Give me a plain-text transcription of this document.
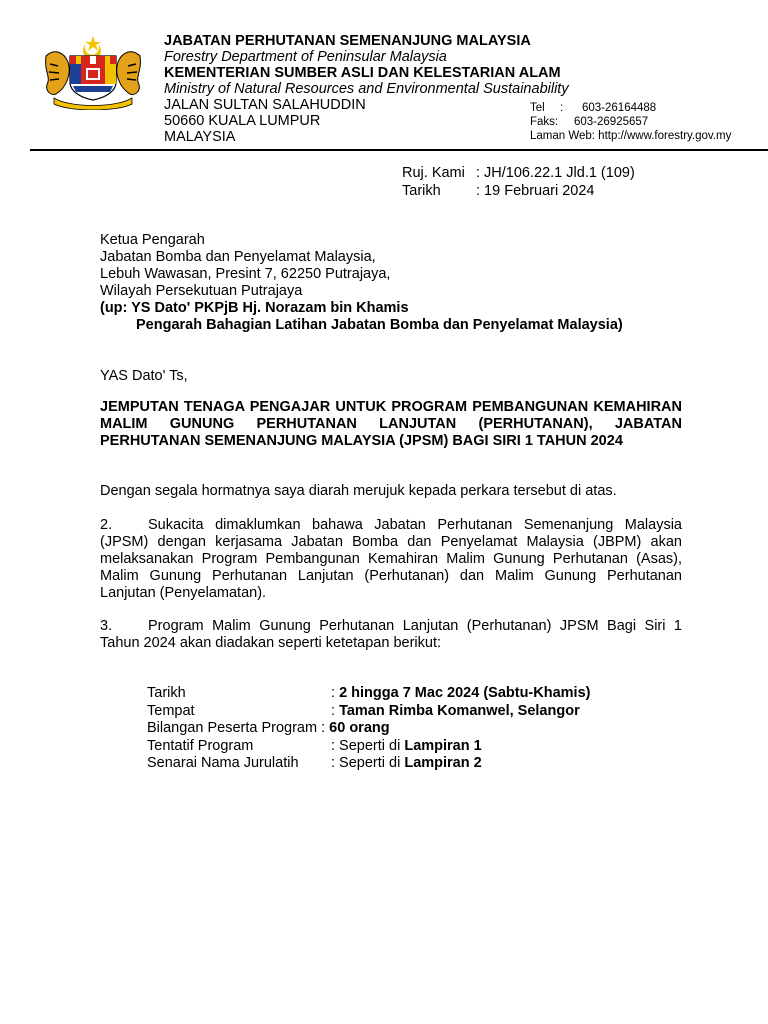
JABATAN PERHUTANAN SEMENANJUNG MALAYSIA
Forestry Department of Peninsular Malaysia
KEMENTERIAN SUMBER ASLI DAN KELESTARIAN ALAM
Ministry of Natural Resources and Environmental Sustainability
JALAN SULTAN SALAHUDDIN
50660 KUALA LUMPUR
MALAYSIA
Tel	:	603-26164488
Faks:	603-26925657
Laman Web: http://www.forestry.gov.my
Ruj. Kami : JH/106.22.1 Jld.1 (109)
Tarikh	: 19 Februari 2024
Ketua Pengarah
Jabatan Bomba dan Penyelamat Malaysia,
Lebuh Wawasan, Presint 7, 62250 Putrajaya,
Wilayah Persekutuan Putrajaya
(up: YS Dato' PKPjB Hj. Norazam bin Khamis
Pengarah Bahagian Latihan Jabatan Bomba dan Penyelamat Malaysia)
YAS Dato' Ts,
JEMPUTAN TENAGA PENGAJAR UNTUK PROGRAM PEMBANGUNAN KEMAHIRAN MALIM GUNUNG PERHUTANAN LANJUTAN (PERHUTANAN), JABATAN PERHUTANAN SEMENANJUNG MALAYSIA (JPSM) BAGI SIRI 1 TAHUN 2024
Dengan segala hormatnya saya diarah merujuk kepada perkara tersebut di atas.
2. Sukacita dimaklumkan bahawa Jabatan Perhutanan Semenanjung Malaysia (JPSM) dengan kerjasama Jabatan Bomba dan Penyelamat Malaysia (JBPM) akan melaksanakan Program Pembangunan Kemahiran Malim Gunung Perhutanan (Asas), Malim Gunung Perhutanan Lanjutan (Perhutanan) dan Malim Gunung Perhutanan Lanjutan (Penyelamatan).
3. Program Malim Gunung Perhutanan Lanjutan (Perhutanan) JPSM Bagi Siri 1 Tahun 2024 akan diadakan seperti ketetapan berikut:
Tarikh	: 2 hingga 7 Mac 2024 (Sabtu-Khamis)
Tempat	: Taman Rimba Komanwel, Selangor
Bilangan Peserta Program : 60 orang
Tentatif Program	: Seperti di Lampiran 1
Senarai Nama Jurulatih	: Seperti di Lampiran 2
